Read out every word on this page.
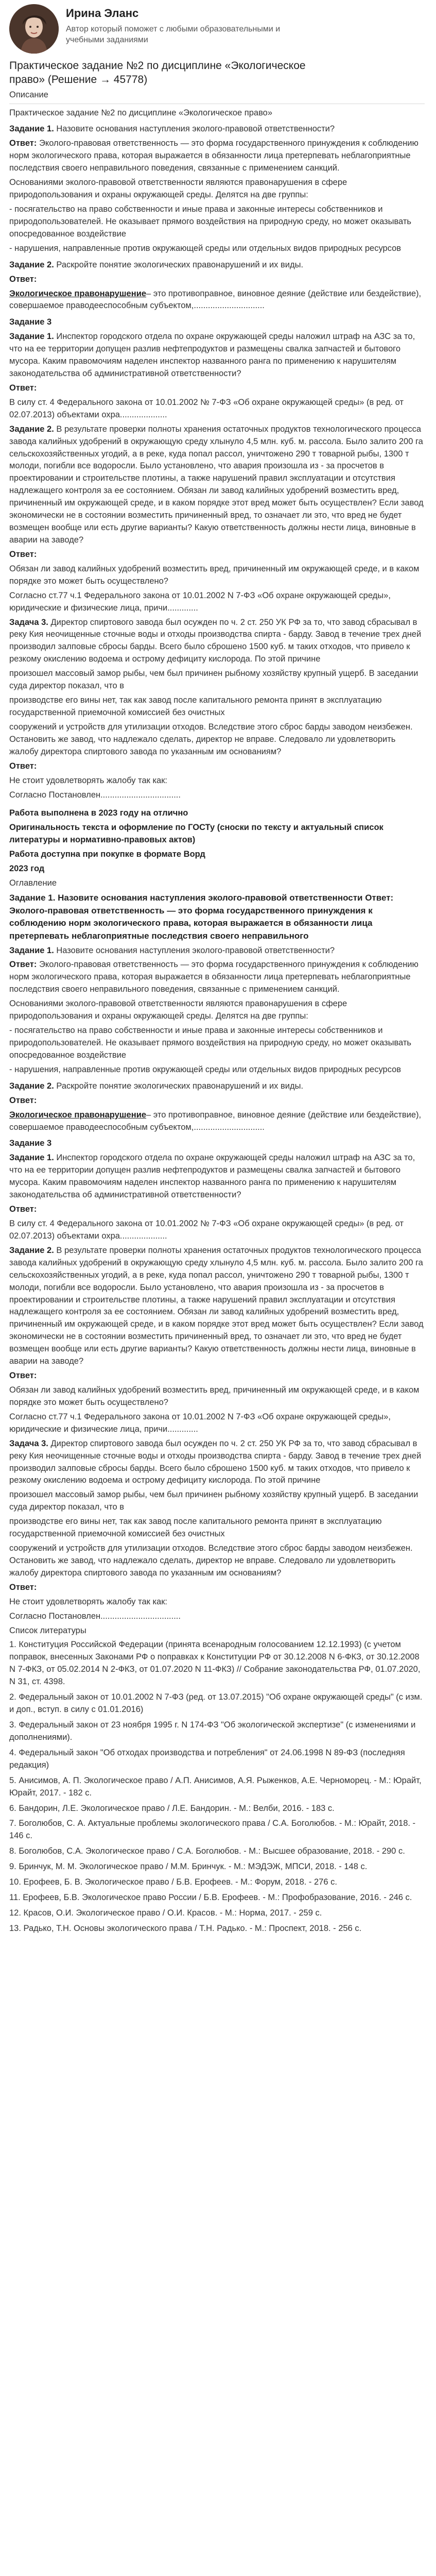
Ирина Эланс

Автор который поможет с любыми образовательными и
учебными заданиями

Практическое задание №2 по дисциплине «Экологическое
право» (Решение → 45778)

Описание

Практическое задание №2 по дисциплине «Экологическое право»

Задание 1. Назовите основания наступления эколого-правовой ответственности?

Ответ: Эколого-правовая ответственность — это форма государственного принуждения к соблюдению норм экологического права, которая выражается в обязанности лица претерпевать неблагоприятные последствия своего неправильного поведения, связанные с применением санкций.

Основаниями эколого-правовой ответственности являются правонарушения в сфере природопользования и охраны окружающей среды. Делятся на две группы:

- посягательство на право собственности и иные права и законные интересы собственников и природопользователей. Не оказывает прямого воздействия на природную среду, но может оказывать опосредованное воздействие

- нарушения, направленные против окружающей среды или отдельных видов природных ресурсов

Задание 2. Раскройте понятие экологических правонарушений и их виды.

Ответ:

Экологическое правонарушение– это противоправное, виновное деяние (действие или бездействие), совершаемое праводееспособным субъектом,..............................

Задание 3

Задание 1. Инспектор городского отдела по охране окружающей среды наложил штраф на АЗС за то, что на ее территории допущен разлив нефтепродуктов и размещены свалка запчастей и бытового мусора. Каким правомочиям наделен инспектор названного ранга по применению к нарушителям законодательства об административной ответственности?

Ответ:

В силу ст. 4 Федерального закона от 10.01.2002 № 7-ФЗ «Об охране окружающей среды» (в ред. от 02.07.2013) объектами охра....................

Задание 2. В результате проверки полноты хранения остаточных продуктов технологического процесса завода калийных удобрений в окружающую среду хлынуло 4,5 млн. куб. м. рассола. Было залито 200 га сельскохозяйственных угодий, а в реке, куда попал рассол, уничтожено 290 т товарной рыбы, 1300 т молоди, погибли все водоросли. Было установлено, что авария произошла из - за просчетов в проектировании и строительстве плотины, а также нарушений правил эксплуатации и отсутствия надлежащего контроля за ее состоянием. Обязан ли завод калийных удобрений возместить вред, причиненный им окружающей среде, и в каком порядке этот вред может быть осуществлен? Если завод экономически не в состоянии возместить причиненный вред, то означает ли это, что вред не будет возмещен вообще или есть другие варианты? Какую ответственность должны нести лица, виновные в аварии на заводе?

Ответ:

Обязан ли завод калийных удобрений возместить вред, причиненный им окружающей среде, и в каком порядке это может быть осуществлено?

Согласно ст.77 ч.1 Федерального закона от 10.01.2002 N 7-ФЗ «Об охране окружающей среды», юридические и физические лица, причи.............

Задача 3. Директор спиртового завода был осужден по ч. 2 ст. 250 УК РФ за то, что завод сбрасывал в реку Кия неочищенные сточные воды и отходы производства спирта - барду. Завод в течение трех дней производил залповые сбросы барды. Всего было сброшено 1500 куб. м таких отходов, что привело к резкому окислению водоема и острому дефициту кислорода. По этой причине

произошел массовый замор рыбы, чем был причинен рыбному хозяйству крупный ущерб. В заседании суда директор показал, что в

производстве его вины нет, так как завод после капитального ремонта принят в эксплуатацию государственной приемочной комиссией без очистных

сооружений и устройств для утилизации отходов. Вследствие этого сброс барды заводом неизбежен. Остановить же завод, что надлежало сделать, директор не вправе. Следовало ли удовлетворить жалобу директора спиртового завода по указанным им основаниям?

Ответ:

Не стоит удовлетворять жалобу так как:

Согласно Постановлен..................................

Работа выполнена в 2023 году на отлично

Оригинальность текста и оформление по ГОСТу (сноски по тексту и актуальный список литературы и нормативно-правовых актов)

Работа доступна при покупке в формате Ворд

2023 год

Оглавление

Задание 1. Назовите основания наступления эколого-правовой ответственности Ответ: Эколого-правовая ответственность — это форма государственного принуждения к соблюдению норм экологического права, которая выражается в обязанности лица претерпевать неблагоприятные последствия своего неправильного

Задание 1. Назовите основания наступления эколого-правовой ответственности?

Ответ: Эколого-правовая ответственность — это форма государственного принуждения к соблюдению норм экологического права, которая выражается в обязанности лица претерпевать неблагоприятные последствия своего неправильного поведения, связанные с применением санкций.

Основаниями эколого-правовой ответственности являются правонарушения в сфере природопользования и охраны окружающей среды. Делятся на две группы:

- посягательство на право собственности и иные права и законные интересы собственников и природопользователей. Не оказывает прямого воздействия на природную среду, но может оказывать опосредованное воздействие

- нарушения, направленные против окружающей среды или отдельных видов природных ресурсов

Задание 2. Раскройте понятие экологических правонарушений и их виды.

Ответ:

Экологическое правонарушение– это противоправное, виновное деяние (действие или бездействие), совершаемое праводееспособным субъектом,..............................

Задание 3

Задание 1. Инспектор городского отдела по охране окружающей среды наложил штраф на АЗС за то, что на ее территории допущен разлив нефтепродуктов и размещены свалка запчастей и бытового мусора. Каким правомочиям наделен инспектор названного ранга по применению к нарушителям законодательства об административной ответственности?

Ответ:

В силу ст. 4 Федерального закона от 10.01.2002 № 7-ФЗ «Об охране окружающей среды» (в ред. от 02.07.2013) объектами охра....................

Задание 2. В результате проверки полноты хранения остаточных продуктов технологического процесса завода калийных удобрений в окружающую среду хлынуло 4,5 млн. куб. м. рассола. Было залито 200 га сельскохозяйственных угодий, а в реке, куда попал рассол, уничтожено 290 т товарной рыбы, 1300 т молоди, погибли все водоросли. Было установлено, что авария произошла из - за просчетов в проектировании и строительстве плотины, а также нарушений правил эксплуатации и отсутствия надлежащего контроля за ее состоянием. Обязан ли завод калийных удобрений возместить вред, причиненный им окружающей среде, и в каком порядке этот вред может быть осуществлен? Если завод экономически не в состоянии возместить причиненный вред, то означает ли это, что вред не будет возмещен вообще или есть другие варианты? Какую ответственность должны нести лица, виновные в аварии на заводе?

Ответ:

Обязан ли завод калийных удобрений возместить вред, причиненный им окружающей среде, и в каком порядке это может быть осуществлено?

Согласно ст.77 ч.1 Федерального закона от 10.01.2002 N 7-ФЗ «Об охране окружающей среды», юридические и физические лица, причи.............

Задача 3. Директор спиртового завода был осужден по ч. 2 ст. 250 УК РФ за то, что завод сбрасывал в реку Кия неочищенные сточные воды и отходы производства спирта - барду. Завод в течение трех дней производил залповые сбросы барды. Всего было сброшено 1500 куб. м таких отходов, что привело к резкому окислению водоема и острому дефициту кислорода. По этой причине

произошел массовый замор рыбы, чем был причинен рыбному хозяйству крупный ущерб. В заседании суда директор показал, что в

производстве его вины нет, так как завод после капитального ремонта принят в эксплуатацию государственной приемочной комиссией без очистных

сооружений и устройств для утилизации отходов. Вследствие этого сброс барды заводом неизбежен. Остановить же завод, что надлежало сделать, директор не вправе. Следовало ли удовлетворить жалобу директора спиртового завода по указанным им основаниям?

Ответ:

Не стоит удовлетворять жалобу так как:

Согласно Постановлен..................................

Список литературы

1. Конституция Российской Федерации (принята всенародным голосованием 12.12.1993) (с учетом поправок, внесенных Законами РФ о поправках к Конституции РФ от 30.12.2008 N 6-ФКЗ, от 30.12.2008 N 7-ФКЗ, от 05.02.2014 N 2-ФКЗ, от 01.07.2020 N 11-ФКЗ) // Собрание законодательства РФ, 01.07.2020, N 31, ст. 4398.
2. Федеральный закон от 10.01.2002 N 7-ФЗ (ред. от 13.07.2015) "Об охране окружающей среды" (с изм. и доп., вступ. в силу с 01.01.2016)
3. Федеральный закон от 23 ноября 1995 г. N 174-ФЗ "Об экологической экспертизе" (с изменениями и дополнениями).
4. Федеральный закон "Об отходах производства и потребления" от 24.06.1998 N 89-ФЗ (последняя редакция)
5. Анисимов, А. П. Экологическое право / А.П. Анисимов, А.Я. Рыженков, А.Е. Черноморец. - М.: Юрайт, Юрайт, 2017. - 182 c.
6. Бандорин, Л.Е. Экологическое право / Л.Е. Бандорин. - М.: Велби, 2016. - 183 c.
7. Боголюбов, С. А. Актуальные проблемы экологического права / С.А. Боголюбов. - М.: Юрайт, 2018. - 146 c.
8. Боголюбов, С.А. Экологическое право / С.А. Боголюбов. - М.: Высшее образование, 2018. - 290 c.
9. Бринчук, М. М. Экологическое право / М.М. Бринчук. - М.: МЭДЭЖ, МПСИ, 2018. - 148 c.
10. Ерофеев, Б. В. Экологическое право / Б.В. Ерофеев. - М.: Форум, 2018. - 276 c.
11. Ерофеев, Б.В. Экологическое право России / Б.В. Ерофеев. - М.: Профобразование, 2016. - 246 c.
12. Красов, О.И. Экологическое право / О.И. Красов. - М.: Норма, 2017. - 259 c.
13. Радько, Т.Н. Основы экологического права / Т.Н. Радько. - М.: Проспект, 2018. - 256 c.
